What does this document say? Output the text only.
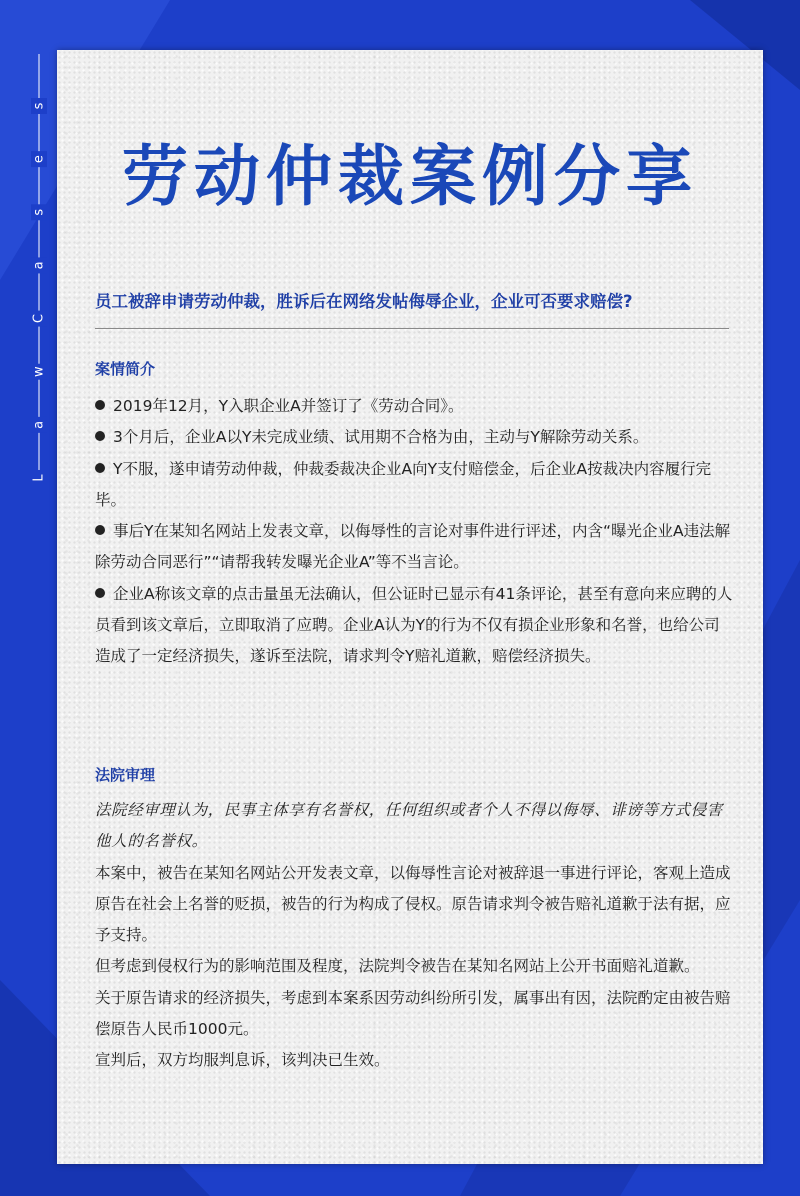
L
a
w
C
a
s
e
s
劳动仲裁案例分享
员工被辞申请劳动仲裁，胜诉后在网络发帖侮辱企业，企业可否要求赔偿?
案情简介

2019年12月，Y入职企业A并签订了《劳动合同》。

3个月后，企业A以Y未完成业绩、试用期不合格为由，主动与Y解除劳动关系。

Y不服，遂申请劳动仲裁，仲裁委裁决企业A向Y支付赔偿金，后企业A按裁决内容履行完毕。

事后Y在某知名网站上发表文章，以侮辱性的言论对事件进行评述，内含“曝光企业A违法解除劳动合同恶行”“请帮我转发曝光企业A”等不当言论。

企业A称该文章的点击量虽无法确认，但公证时已显示有41条评论，甚至有意向来应聘的人员看到该文章后，立即取消了应聘。企业A认为Y的行为不仅有损企业形象和名誉，也给公司造成了一定经济损失，遂诉至法院，请求判令Y赔礼道歉，赔偿经济损失。

法院审理

法院经审理认为，民事主体享有名誉权，任何组织或者个人不得以侮辱、诽谤等方式侵害他人的名誉权。

本案中，被告在某知名网站公开发表文章，以侮辱性言论对被辞退一事进行评论，客观上造成原告在社会上名誉的贬损，被告的行为构成了侵权。原告请求判令被告赔礼道歉于法有据，应予支持。

但考虑到侵权行为的影响范围及程度，法院判令被告在某知名网站上公开书面赔礼道歉。

关于原告请求的经济损失，考虑到本案系因劳动纠纷所引发，属事出有因，法院酌定由被告赔偿原告人民币1000元。

宣判后，双方均服判息诉，该判决已生效。
